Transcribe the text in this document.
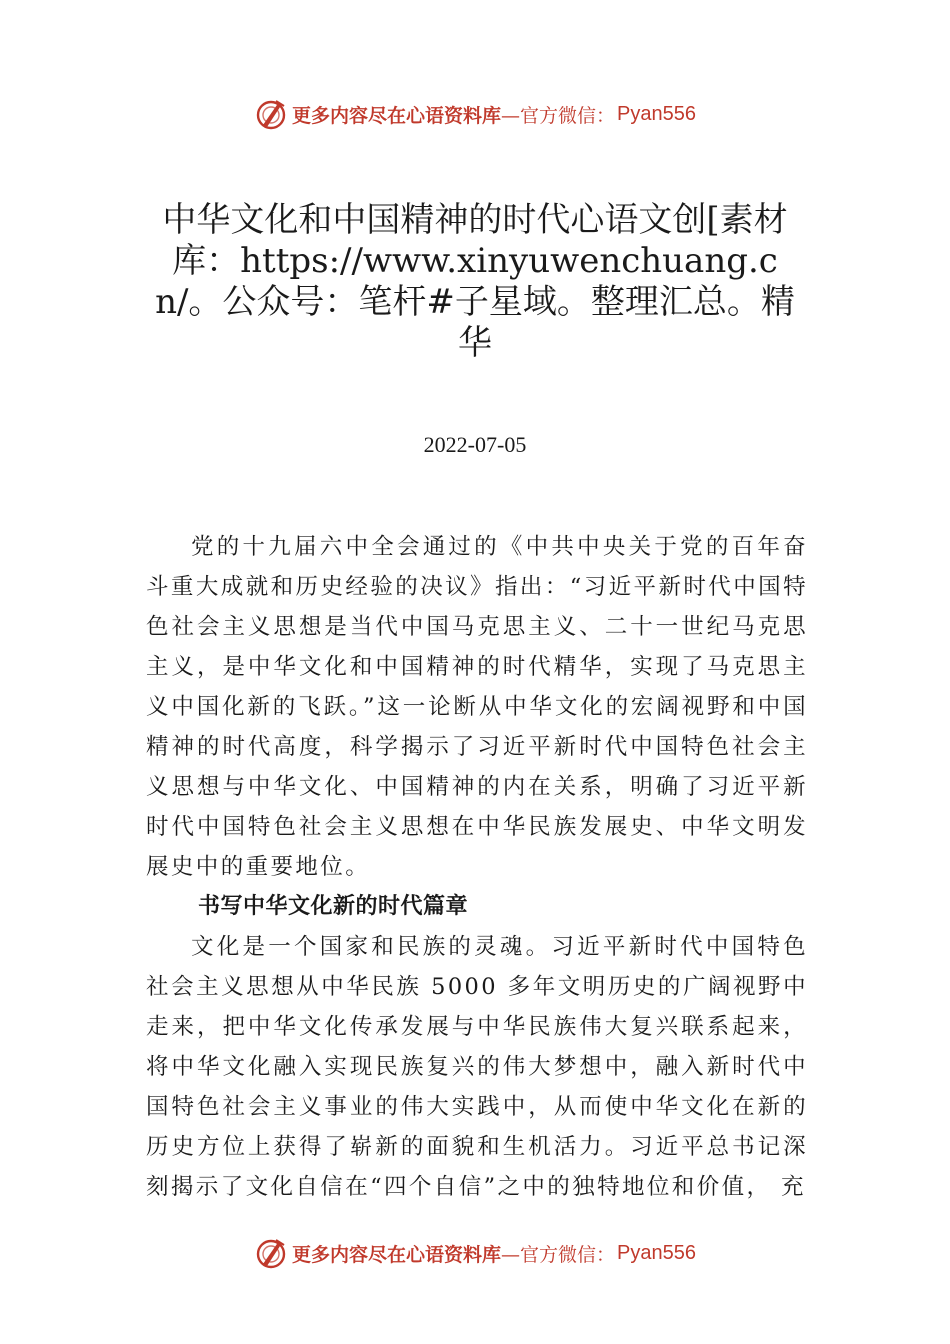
更多内容尽在心语资料库 —官方微信： Pyan556
中华文化和中国精神的时代心语文创[素材库：https://www.xinyuwenchuang.cn/。公众号：笔杆#子星域。整理汇总。精华
2022-07-05

党的十九届六中全会通过的《中共中央关于党的百年奋斗重大成就和历史经验的决议》指出：“习近平新时代中国特色社会主义思想是当代中国马克思主义、二十一世纪马克思主义，是中华文化和中国精神的时代精华，实现了马克思主义中国化新的飞跃。”这一论断从中华文化的宏阔视野和中国精神的时代高度，科学揭示了习近平新时代中国特色社会主义思想与中华文化、中国精神的内在关系，明确了习近平新时代中国特色社会主义思想在中华民族发展史、中华文明发展史中的重要地位。

书写中华文化新的时代篇章

文化是一个国家和民族的灵魂。习近平新时代中国特色社会主义思想从中华民族 5000 多年文明历史的广阔视野中走来，把中华文化传承发展与中华民族伟大复兴联系起来， 将中华文化融入实现民族复兴的伟大梦想中，融入新时代中国特色社会主义事业的伟大实践中，从而使中华文化在新的历史方位上获得了崭新的面貌和生机活力。习近平总书记深刻揭示了文化自信在“四个自信”之中的独特地位和价值， 充

更多内容尽在心语资料库 —官方微信： Pyan556
